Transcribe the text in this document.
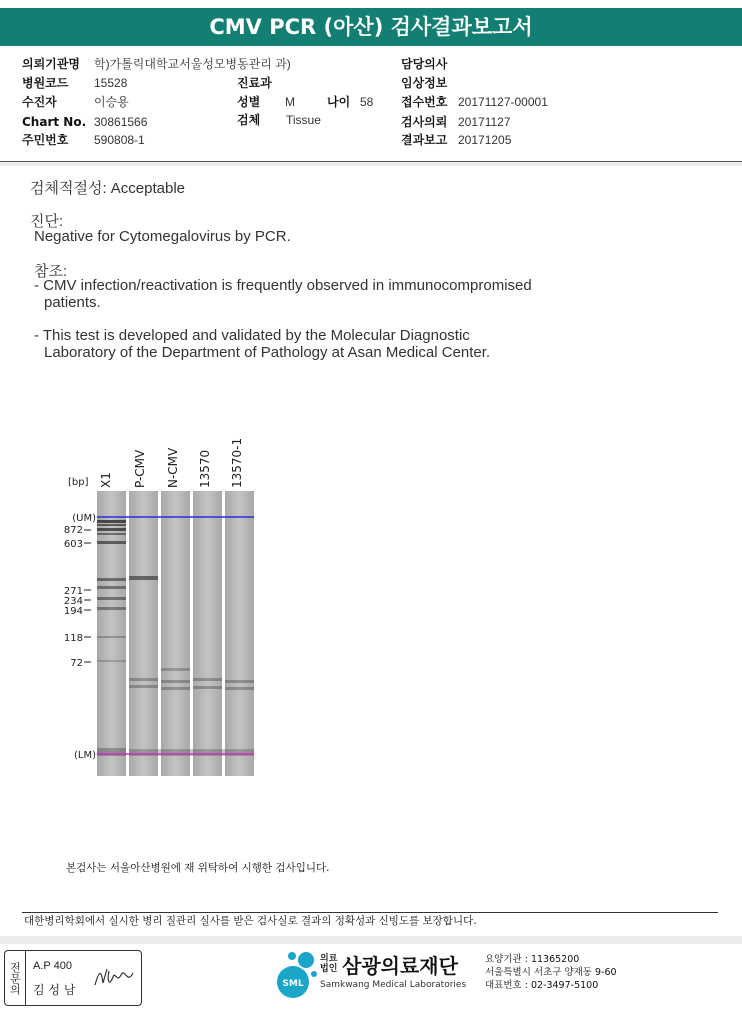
CMV PCR (아산) 검사결과보고서
의뢰기관명 학)가톨릭대학교서울성모병동관리 과)
병원코드 15528
수진자	이승용
Chart No. 30861566
주민번호 590808-1
진료과
성별 M	나이 58
검체 Tissue
담당의사
임상정보
접수번호 20171127-00001
검사의뢰 20171127
결과보고 20171205
검체적절성: Acceptable
진단:
Negative for Cytomegalovirus by PCR.
참조:
- CMV infection/reactivation is frequently observed in immunocompromised
patients.
- This test is developed and validated by the Molecular Diagnostic
Laboratory of the Department of Pathology at Asan Medical Center.
[bp] X1 P-CMV N-CMV 13570 13570-1
(UM)
872
603
271
234
194
118
72
(LM)
본검사는 서울아산병원에 재 위탁하여 시행한 검사입니다.
대한병리학회에서 실시한 병리 질관리 실사를 받은 검사실로 결과의 정확성과 신빙도를 보장합니다.
전문의	A.P 400
김 성 남	SML
의료
법인 삼광의료재단
Samkwang Medical Laboratories
요양기관 : 11365200
서울특별시 서초구 양재동 9-60
대표번호 : 02-3497-5100
